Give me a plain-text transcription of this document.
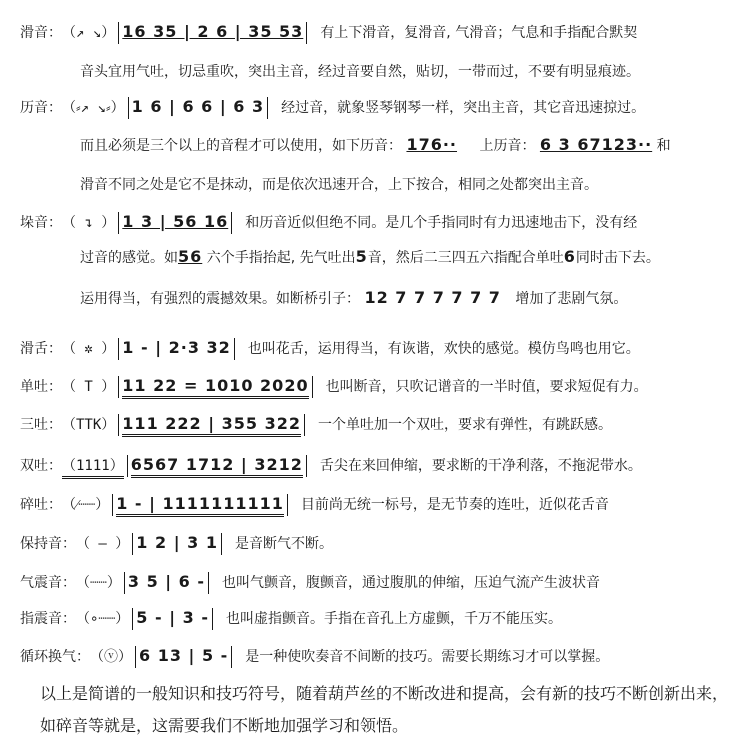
滑音：（↗ ↘） 16 35 | 2 6 | 35 53 有上下滑音，复滑音, 气滑音；气息和手指配合默契
音头宜用气吐，切忌重吹，突出主音，经过音要自然，贴切，一带而过，不要有明显痕迹。
历音：（⸗↗ ↘⸗） 1 6 | 6 6 | 6 3 经过音，就象竖琴钢琴一样，突出主音，其它音迅速掠过。
而且必须是三个以上的音程才可以使用，如下历音： 176·· 上历音： 6 3 67123·· 和
滑音不同之处是它不是抹动，而是依次迅速开合，上下按合，相同之处都突出主音。
垛音：（ ↴ ） 1 3 | 56 16 和历音近似但绝不同。是几个手指同时有力迅速地击下，没有经
过音的感觉。如56 六个手指抬起, 先气吐出5音，然后二三四五六指配合单吐6同时击下去。
运用得当，有强烈的震撼效果。如断桥引子： 12 7 7 7 7 7 7 增加了悲剧气氛。
滑舌：（ ✲ ） 1 - | 2·3 32 也叫花舌，运用得当，有诙谐，欢快的感觉。模仿鸟鸣也用它。
单吐：（ T ） 11 22 = 1010 2020 也叫断音，只吹记谱音的一半时值，要求短促有力。
三吐：（TTK） 111 222 | 355 322 一个单吐加一个双吐，要求有弹性，有跳跃感。
双吐：（1111） 6567 1712 | 3212 舌尖在来回伸缩，要求断的干净利落，不拖泥带水。
碎吐：（⁄┈┈） 1 - | 1111111111 目前尚无统一标号，是无节奏的连吐，近似花舌音
保持音：（ – ） 1 2 | 3 1 是音断气不断。
气震音：（┈┈） 3 5 | 6 - 也叫气颤音，腹颤音，通过腹肌的伸缩，压迫气流产生波状音
指震音：（∘┈┈） 5 - | 3 - 也叫虚指颤音。手指在音孔上方虚颤，千万不能压实。
循环换气：（ⓥ） 6 13 | 5 - 是一种使吹奏音不间断的技巧。需要长期练习才可以掌握。
以上是简谱的一般知识和技巧符号，随着葫芦丝的不断改进和提高，会有新的技巧不断创新出来，如碎音等就是，这需要我们不断地加强学习和领悟。
